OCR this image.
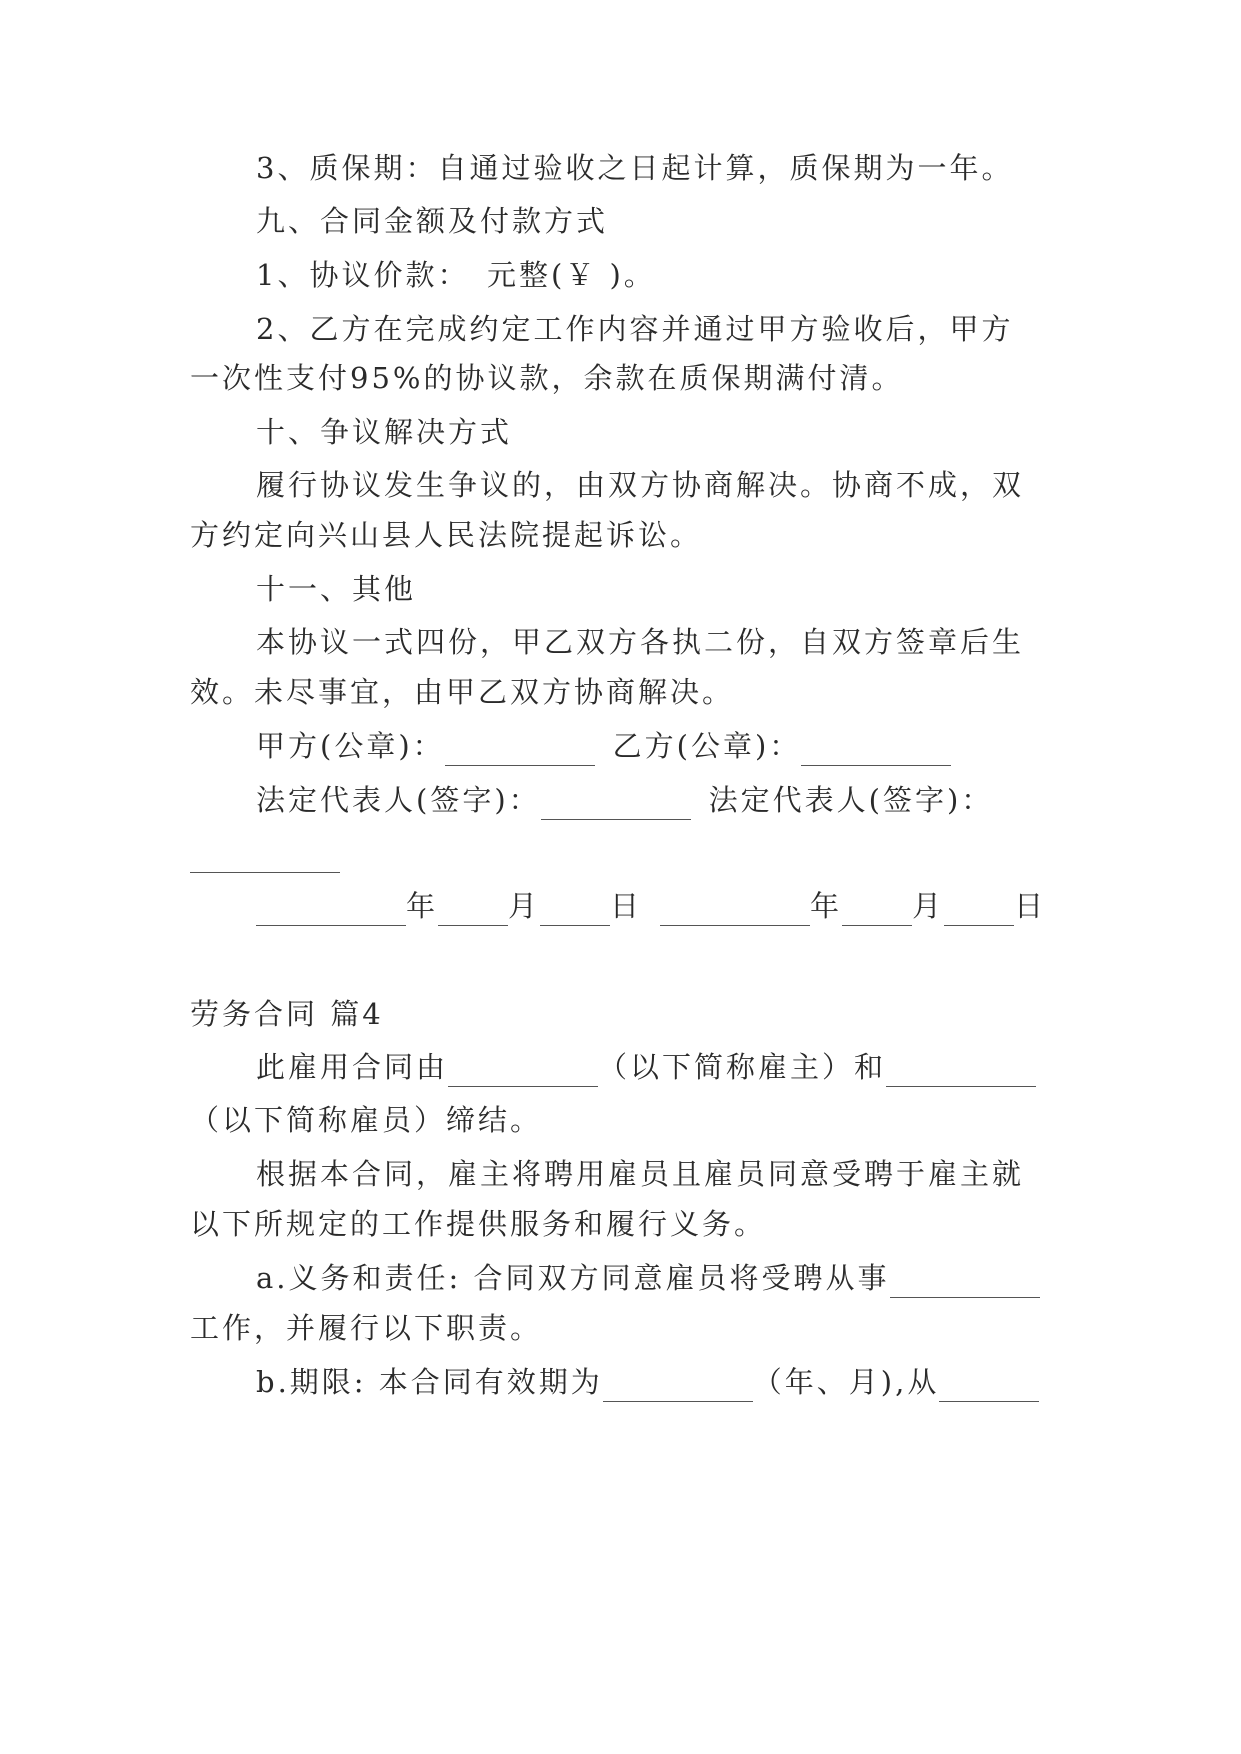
3、质保期：自通过验收之日起计算，质保期为一年。
九、合同金额及付款方式
1、协议价款：　元整(￥ )。
2、乙方在完成约定工作内容并通过甲方验收后，甲方
一次性支付95%的协议款，余款在质保期满付清。
十、争议解决方式
履行协议发生争议的，由双方协商解决。协商不成，双
方约定向兴山县人民法院提起诉讼。
十一、其他
本协议一式四份，甲乙双方各执二份，自双方签章后生
效。未尽事宜，由甲乙双方协商解决。
甲方(公章)：	乙方(公章)：
法定代表人(签字)：	法定代表人(签字)：
年 月 日	年 月 日
劳务合同 篇4
此雇用合同由	（以下简称雇主）和
（以下简称雇员）缔结。
根据本合同，雇主将聘用雇员且雇员同意受聘于雇主就
以下所规定的工作提供服务和履行义务。
a.义务和责任: 合同双方同意雇员将受聘从事
工作，并履行以下职责。
b.期限: 本合同有效期为	（年、月),从
